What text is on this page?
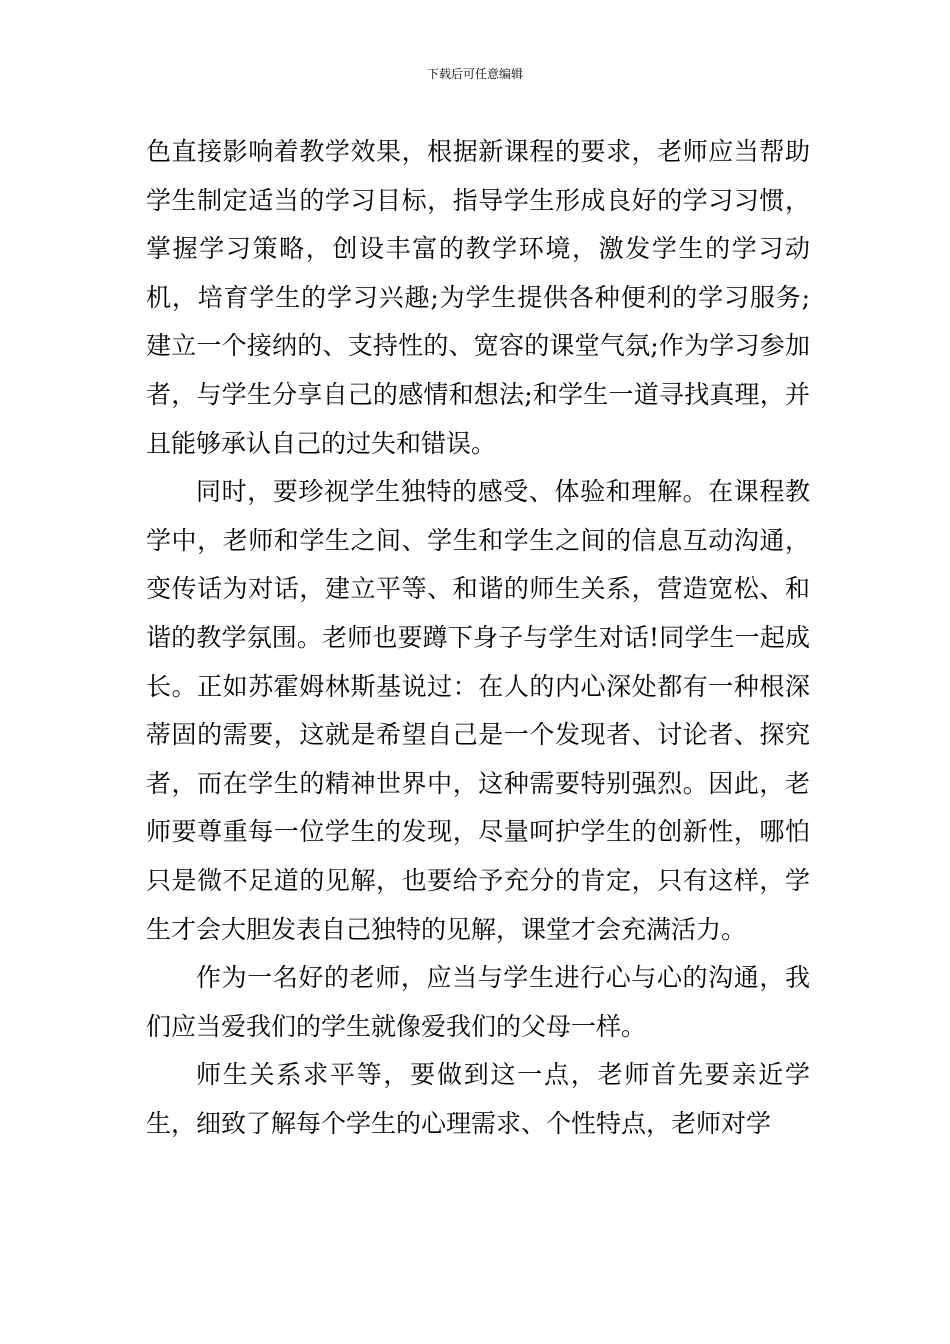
下载后可任意编辑

色直接影响着教学效果，根据新课程的要求，老师应当帮助学生制定适当的学习目标，指导学生形成良好的学习习惯，掌握学习策略，创设丰富的教学环境，激发学生的学习动机，培育学生的学习兴趣;为学生提供各种便利的学习服务;建立一个接纳的、支持性的、宽容的课堂气氛;作为学习参加者，与学生分享自己的感情和想法;和学生一道寻找真理，并且能够承认自己的过失和错误。

同时，要珍视学生独特的感受、体验和理解。在课程教学中，老师和学生之间、学生和学生之间的信息互动沟通，变传话为对话，建立平等、和谐的师生关系，营造宽松、和谐的教学氛围。老师也要蹲下身子与学生对话!同学生一起成长。正如苏霍姆林斯基说过：在人的内心深处都有一种根深蒂固的需要，这就是希望自己是一个发现者、讨论者、探究者，而在学生的精神世界中，这种需要特别强烈。因此，老师要尊重每一位学生的发现，尽量呵护学生的创新性，哪怕只是微不足道的见解，也要给予充分的肯定，只有这样，学生才会大胆发表自己独特的见解，课堂才会充满活力。

作为一名好的老师，应当与学生进行心与心的沟通，我们应当爱我们的学生就像爱我们的父母一样。

师生关系求平等，要做到这一点，老师首先要亲近学生，细致了解每个学生的心理需求、个性特点，老师对学
